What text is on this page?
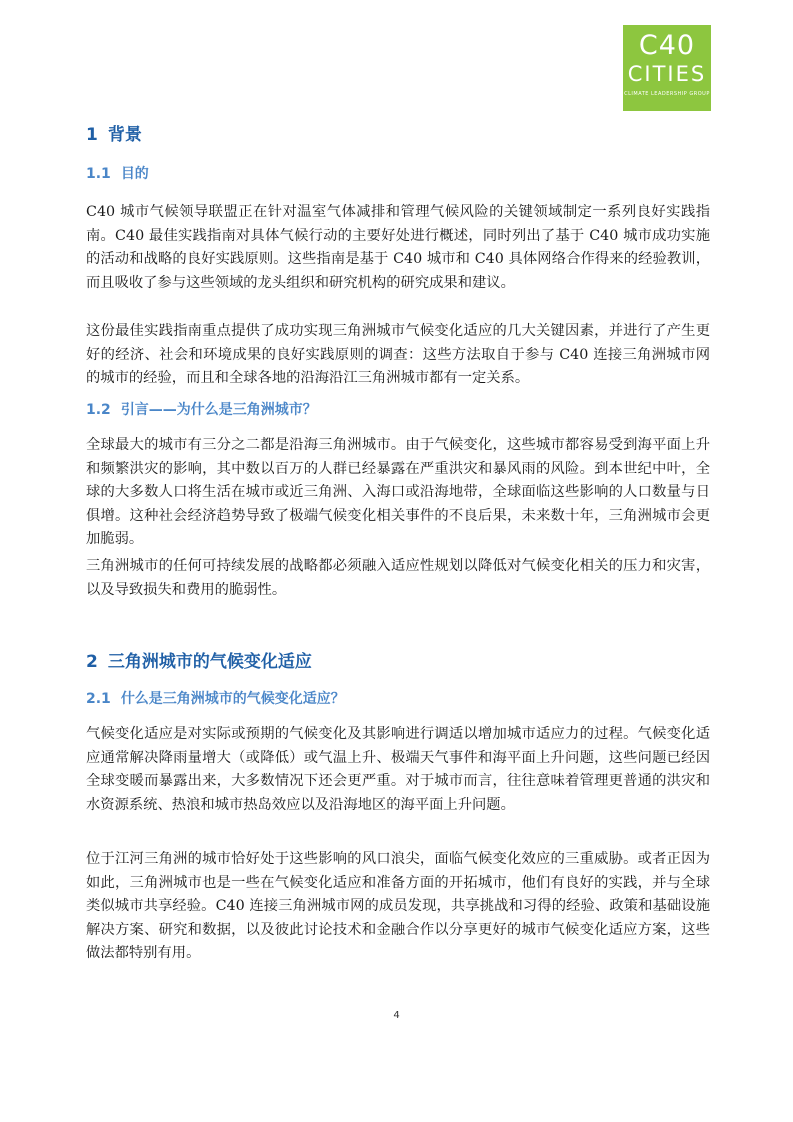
C40
CITIES
CLIMATE LEADERSHIP GROUP
1 背景
1.1 目的

C40 城市气候领导联盟正在针对温室气体减排和管理气候风险的关键领域制定一系列良好实践指南。C40 最佳实践指南对具体气候行动的主要好处进行概述，同时列出了基于 C40 城市成功实施的活动和战略的良好实践原则。这些指南是基于 C40 城市和 C40 具体网络合作得来的经验教训，而且吸收了参与这些领域的龙头组织和研究机构的研究成果和建议。

这份最佳实践指南重点提供了成功实现三角洲城市气候变化适应的几大关键因素，并进行了产生更好的经济、社会和环境成果的良好实践原则的调查：这些方法取自于参与 C40 连接三角洲城市网的城市的经验，而且和全球各地的沿海沿江三角洲城市都有一定关系。

1.2 引言——为什么是三角洲城市？

全球最大的城市有三分之二都是沿海三角洲城市。由于气候变化，这些城市都容易受到海平面上升和频繁洪灾的影响，其中数以百万的人群已经暴露在严重洪灾和暴风雨的风险。到本世纪中叶，全球的大多数人口将生活在城市或近三角洲、入海口或沿海地带，全球面临这些影响的人口数量与日俱增。这种社会经济趋势导致了极端气候变化相关事件的不良后果，未来数十年，三角洲城市会更加脆弱。

三角洲城市的任何可持续发展的战略都必须融入适应性规划以降低对气候变化相关的压力和灾害，以及导致损失和费用的脆弱性。

2 三角洲城市的气候变化适应
2.1 什么是三角洲城市的气候变化适应？

气候变化适应是对实际或预期的气候变化及其影响进行调适以增加城市适应力的过程。气候变化适应通常解决降雨量增大（或降低）或气温上升、极端天气事件和海平面上升问题，这些问题已经因全球变暖而暴露出来，大多数情况下还会更严重。对于城市而言，往往意味着管理更普通的洪灾和水资源系统、热浪和城市热岛效应以及沿海地区的海平面上升问题。

位于江河三角洲的城市恰好处于这些影响的风口浪尖，面临气候变化效应的三重威胁。或者正因为如此，三角洲城市也是一些在气候变化适应和准备方面的开拓城市，他们有良好的实践，并与全球类似城市共享经验。C40 连接三角洲城市网的成员发现，共享挑战和习得的经验、政策和基础设施解决方案、研究和数据，以及彼此讨论技术和金融合作以分享更好的城市气候变化适应方案，这些做法都特别有用。

4
